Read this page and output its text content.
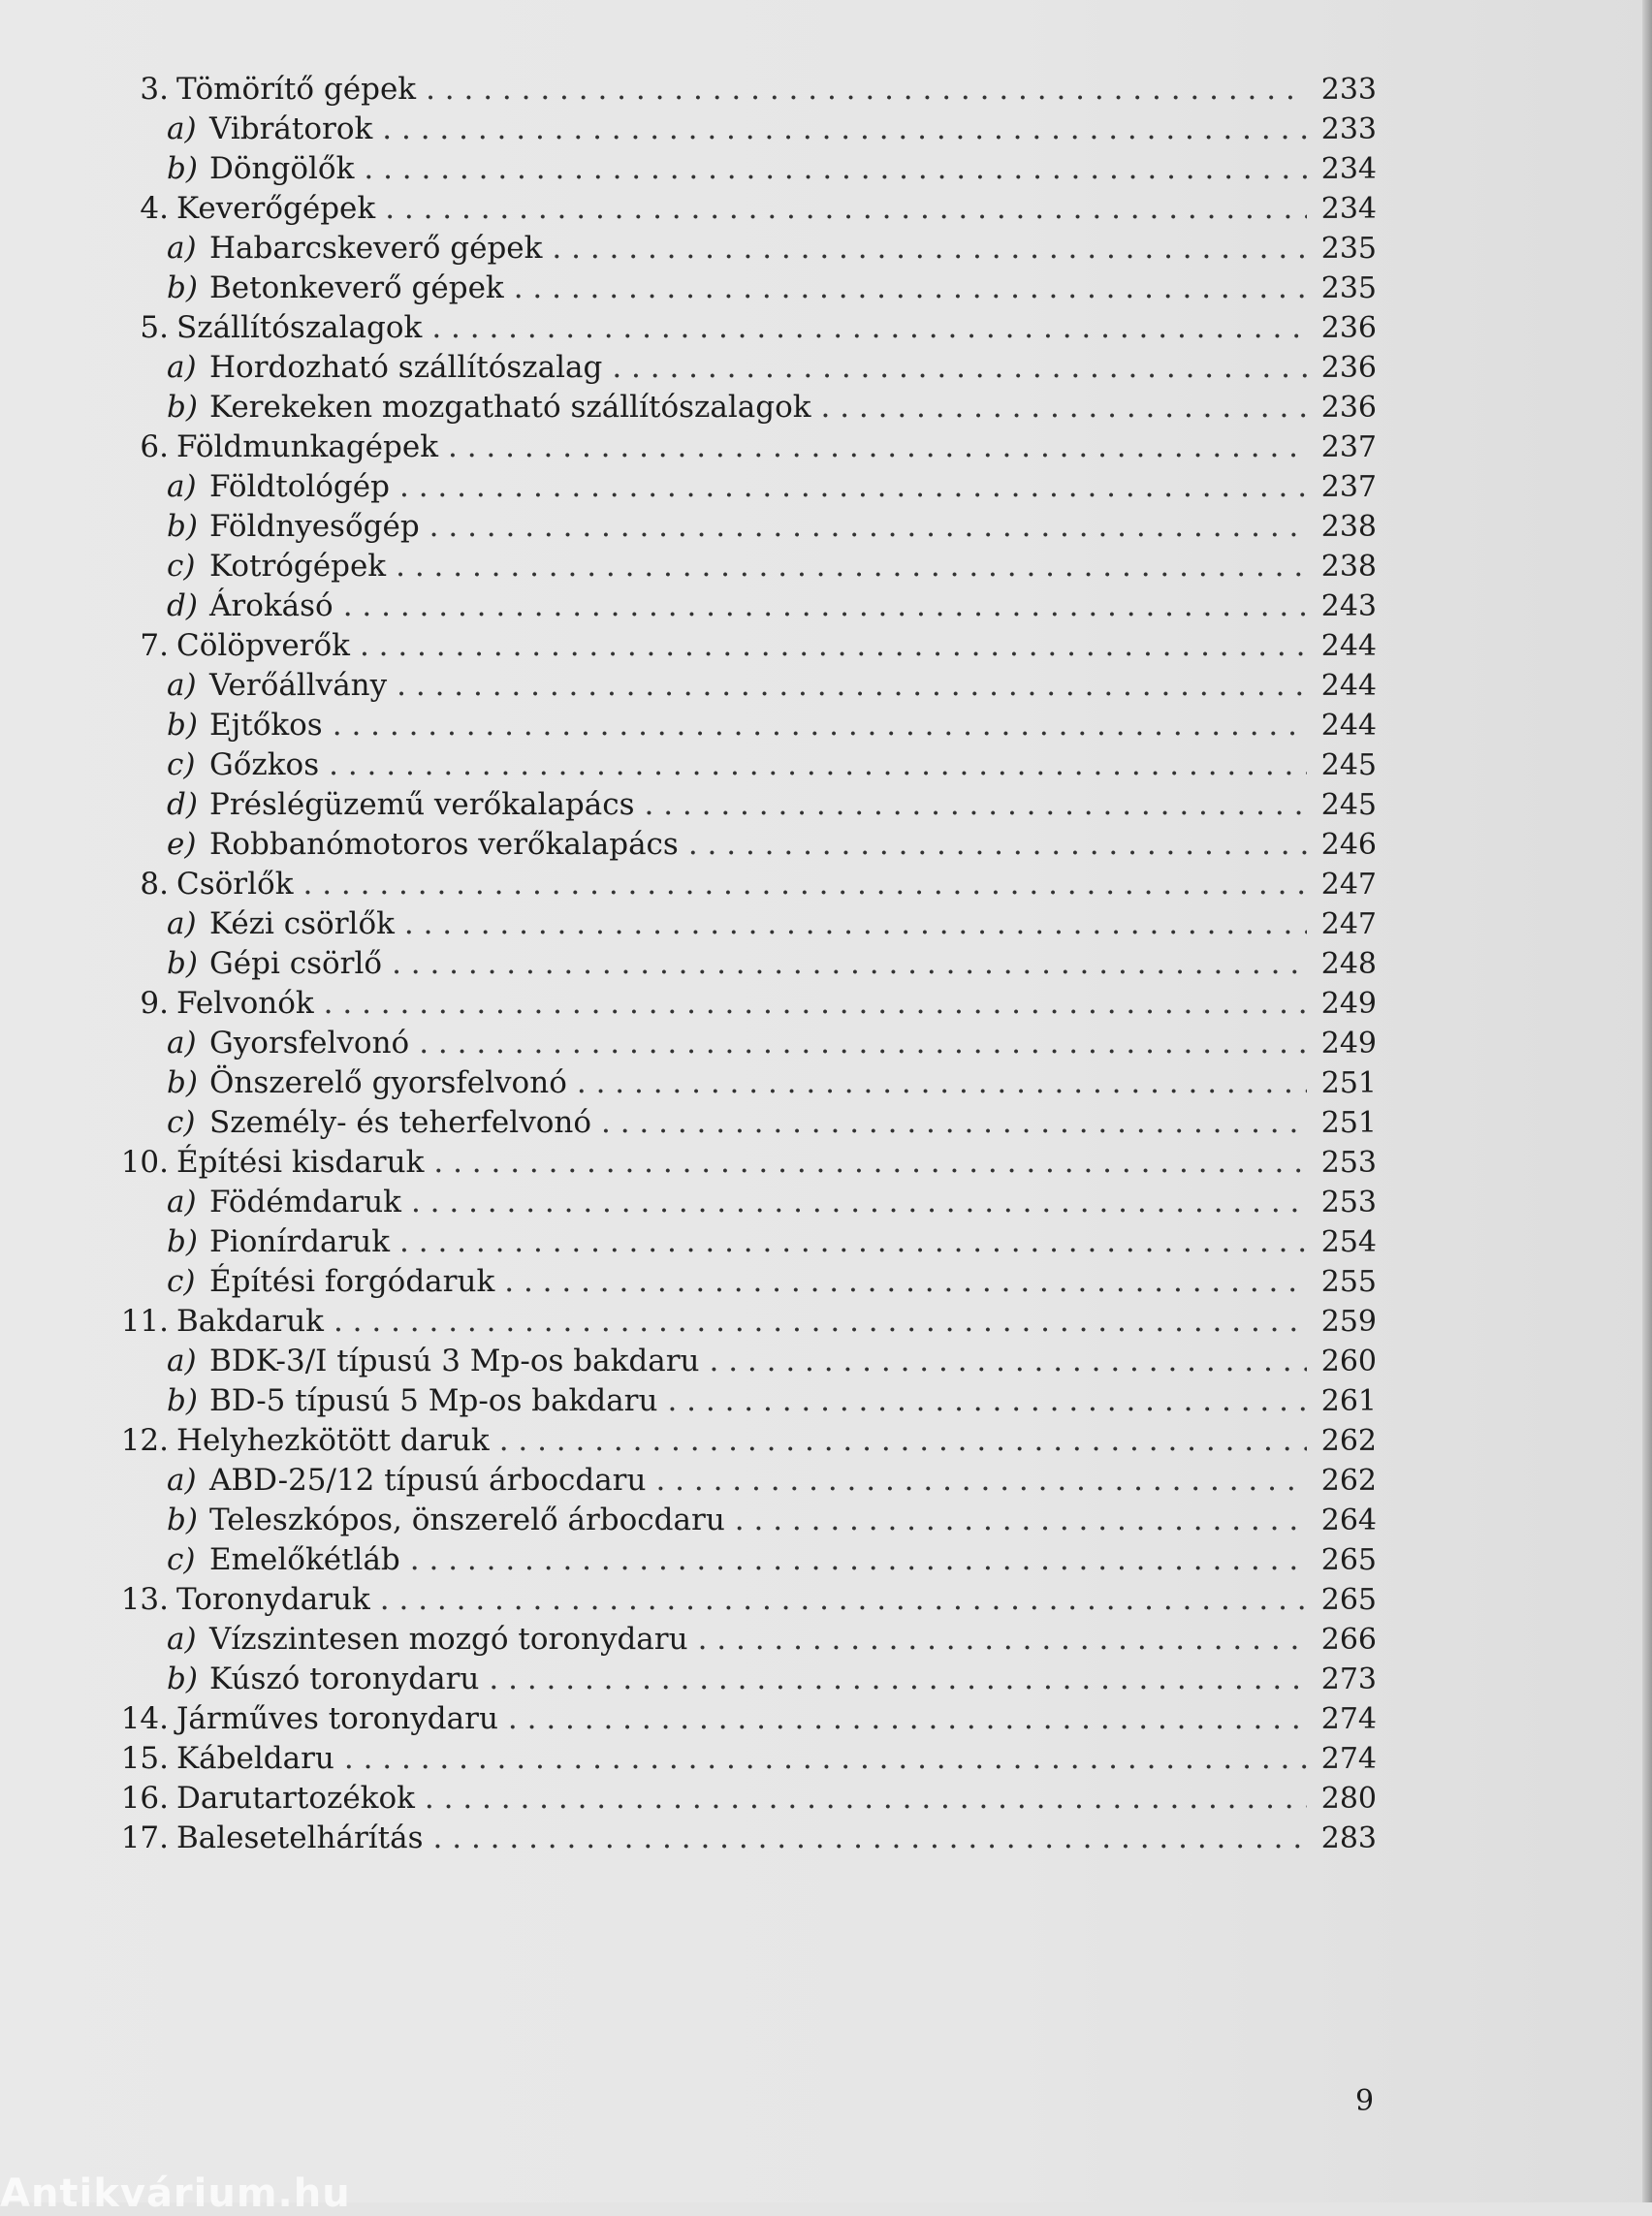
3. Tömörítő gépek . . .	233
a) Vibrátorok . . .	233
b) Döngölők . . .	234
4. Keverőgépek . . .	234
a) Habarcskeverő gépek . . .	235
b) Betonkeverő gépek . . .	235
5. Szállítószalagok . . .	236
a) Hordozható szállítószalag . . .	236
b) Kerekeken mozgatható szállítószalagok . . .	236
6. Földmunkagépek . . .	237
a) Földtológép . . .	237
b) Földnyesőgép . . .	238
c) Kotrógépek . . .	238
d) Árokásó . . .	243
7. Cölöpverők . . .	244
a) Verőállvány . . .	244
b) Ejtőkos . . .	244
c) Gőzkos . . .	245
d) Préslégüzemű verőkalapács . . .	245
e) Robbanómotoros verőkalapács . . .	246
8. Csörlők . . .	247
a) Kézi csörlők . . .	247
b) Gépi csörlő . . .	248
9. Felvonók . . .	249
a) Gyorsfelvonó . . .	249
b) Önszerelő gyorsfelvonó . . .	251
c) Személy- és teherfelvonó . . .	251
10. Építési kisdaruk . . .	253
a) Födémdaruk . . .	253
b) Pionírdaruk . . .	254
c) Építési forgódaruk . . .	255
11. Bakdaruk . . .	259
a) BDK-3/I típusú 3 Mp-os bakdaru . . .	260
b) BD-5 típusú 5 Mp-os bakdaru . . .	261
12. Helyhezkötött daruk . . .	262
a) ABD-25/12 típusú árbocdaru . . .	262
b) Teleszkópos, önszerelő árbocdaru . . .	264
c) Emelőkétláb . . .	265
13. Toronydaruk . . .	265
a) Vízszintesen mozgó toronydaru . . .	266
b) Kúszó toronydaru . . .	273
14. Járműves toronydaru . . .	274
15. Kábeldaru . . .	274
16. Darutartozékok . . .	280
17. Balesetelhárítás . . .	283
9
Antikvárium.hu
